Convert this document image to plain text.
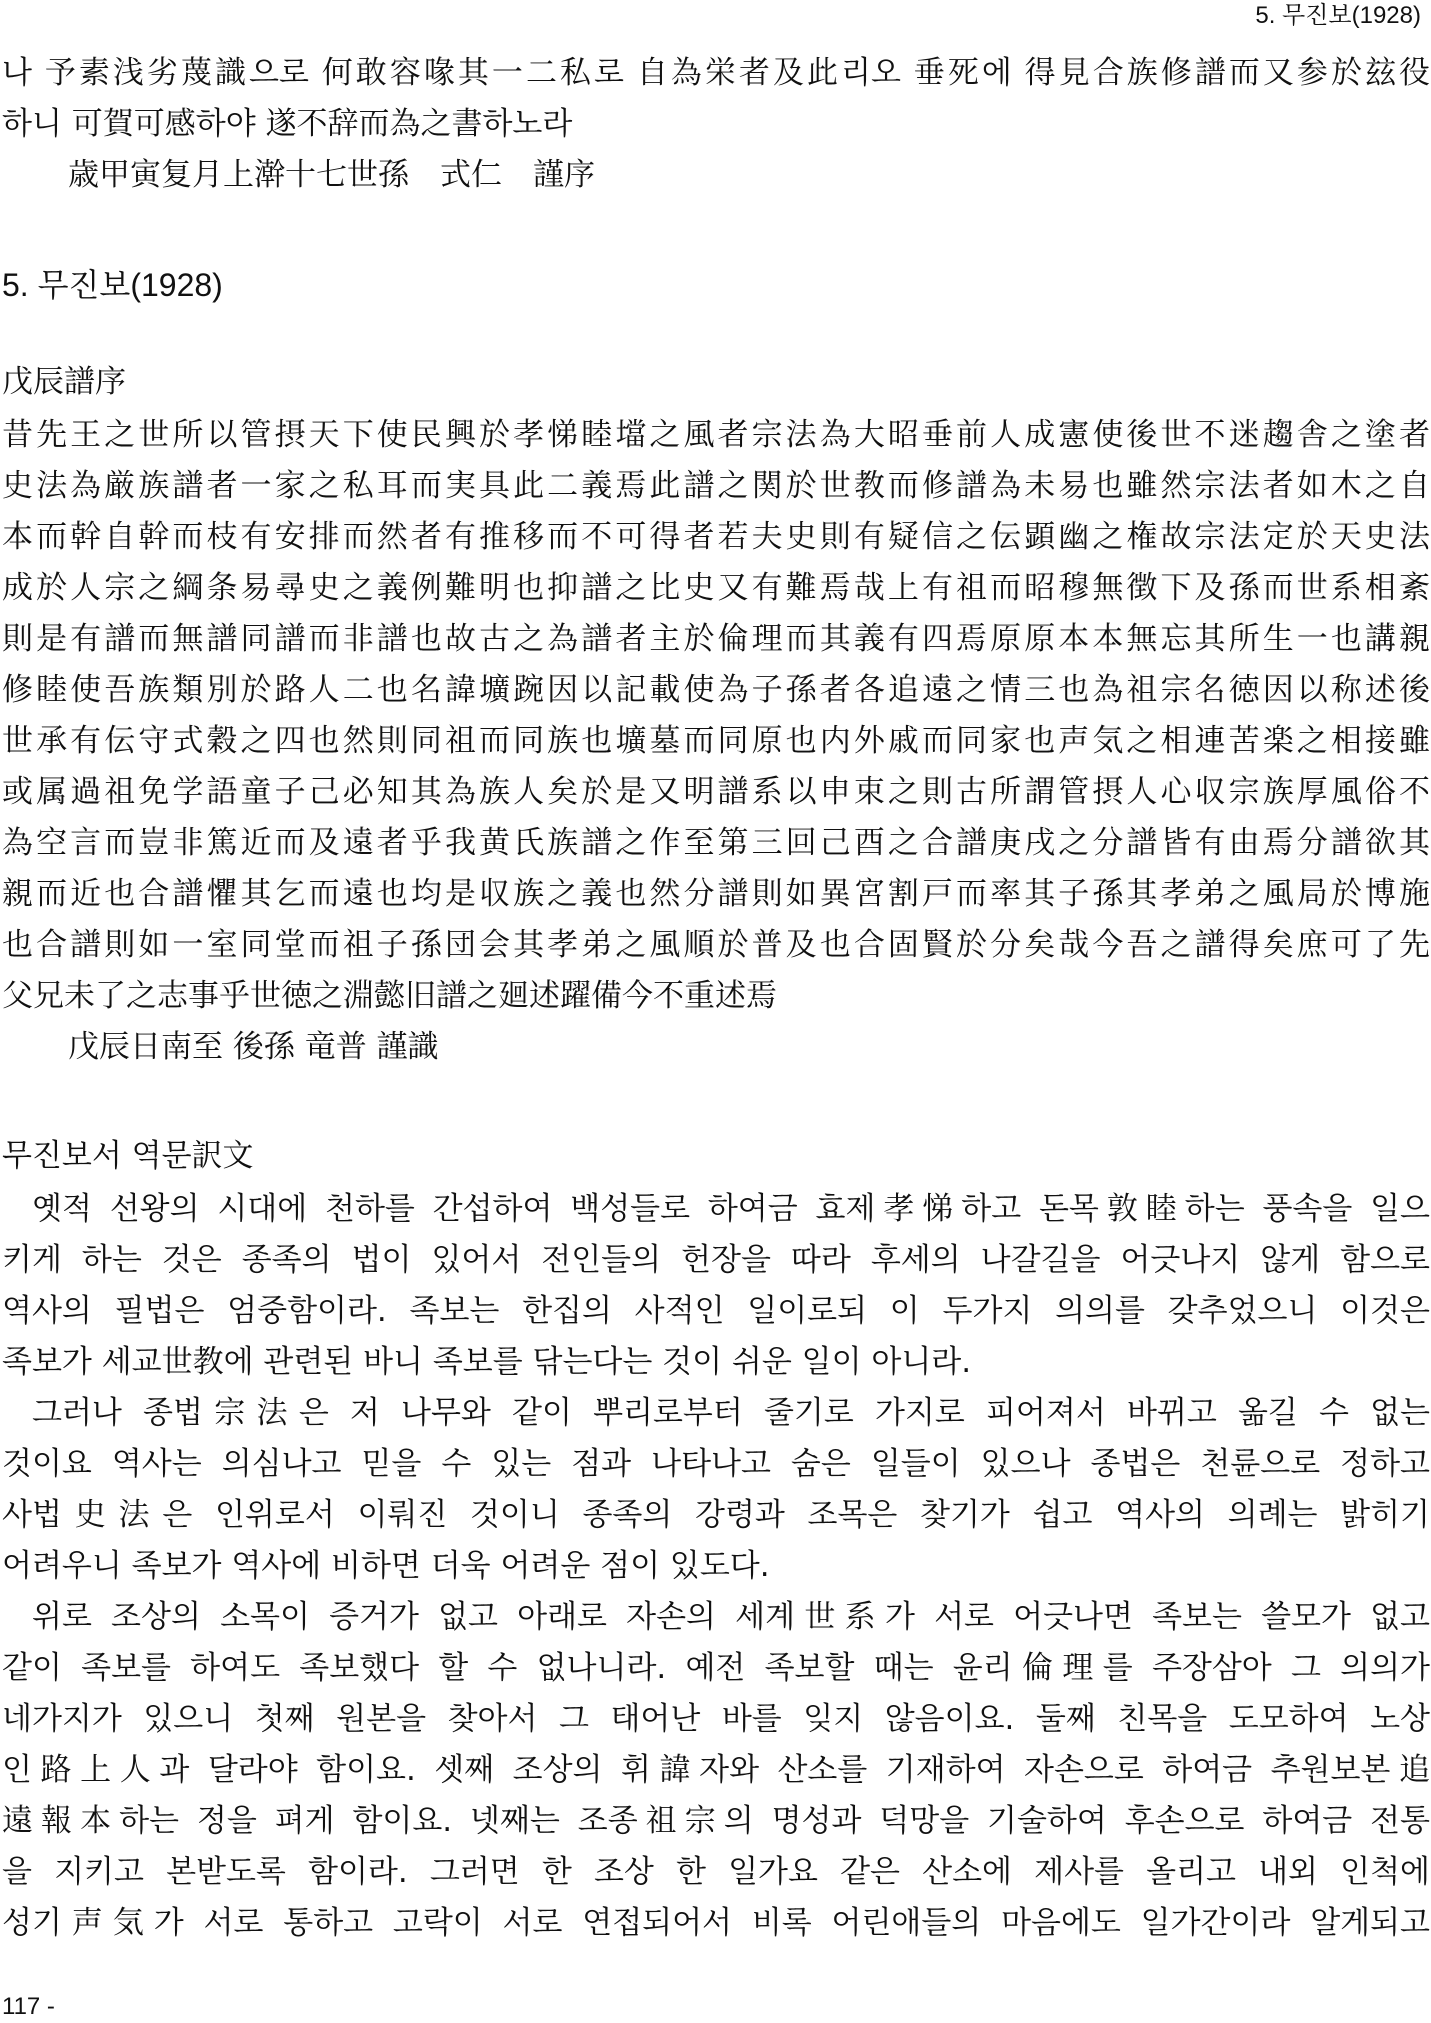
5. 무진보(1928)
나 予素浅劣蔑識으로 何敢容喙其一二私로 自為栄者及此리오 垂死에 得見合族修譜而又参於玆役
하니 可賀可感하야 遂不辞而為之書하노라
歳甲寅复月上澣十七世孫　式仁　謹序
5. 무진보(1928)
戊辰譜序
昔先王之世所以管摂天下使民興於孝悌睦壋之風者宗法為大昭垂前人成憲使後世不迷趨舎之塗者
史法為厳族譜者一家之私耳而実具此二義焉此譜之関於世教而修譜為未易也雖然宗法者如木之自
本而幹自幹而枝有安排而然者有推移而不可得者若夫史則有疑信之伝顕幽之権故宗法定於天史法
成於人宗之綱条易尋史之義例難明也抑譜之比史又有難焉哉上有祖而昭穆無徴下及孫而世系相紊
則是有譜而無譜同譜而非譜也故古之為譜者主於倫理而其義有四焉原原本本無忘其所生一也講親
修睦使吾族類別於路人二也名諱壙踠因以記載使為子孫者各追遠之情三也為祖宗名徳因以称述後
世承有伝守式穀之四也然則同祖而同族也壙墓而同原也内外戚而同家也声気之相連苦楽之相接雖
或属過祖免学語童子己必知其為族人矣於是又明譜系以申束之則古所謂管摂人心収宗族厚風俗不
為空言而豈非篤近而及遠者乎我黄氏族譜之作至第三回己酉之合譜庚戌之分譜皆有由焉分譜欲其
親而近也合譜懼其乞而遠也均是収族之義也然分譜則如異宮割戸而率其子孫其孝弟之風局於博施
也合譜則如一室同堂而祖子孫団会其孝弟之風順於普及也合固賢於分矣哉今吾之譜得矣庶可了先
父兄未了之志事乎世徳之淵懿旧譜之廻述躍備今不重述焉
戊辰日南至 後孫 竜普 謹識
무진보서 역문訳文
옛적 선왕의 시대에 천하를 간섭하여 백성들로 하여금 효제孝悌하고 돈목敦睦하는 풍속을 일으
키게 하는 것은 종족의 법이 있어서 전인들의 헌장을 따라 후세의 나갈길을 어긋나지 않게 함으로
역사의 필법은 엄중함이라. 족보는 한집의 사적인 일이로되 이 두가지 의의를 갖추었으니 이것은
족보가 세교世教에 관련된 바니 족보를 닦는다는 것이 쉬운 일이 아니라.
그러나 종법宗法은 저 나무와 같이 뿌리로부터 줄기로 가지로 피어져서 바뀌고 옮길 수 없는
것이요 역사는 의심나고 믿을 수 있는 점과 나타나고 숨은 일들이 있으나 종법은 천륜으로 정하고
사법史法은 인위로서 이뤄진 것이니 종족의 강령과 조목은 찾기가 쉽고 역사의 의례는 밝히기
어려우니 족보가 역사에 비하면 더욱 어려운 점이 있도다.
위로 조상의 소목이 증거가 없고 아래로 자손의 세계世系가 서로 어긋나면 족보는 쓸모가 없고
같이 족보를 하여도 족보했다 할 수 없나니라. 예전 족보할 때는 윤리倫理를 주장삼아 그 의의가
네가지가 있으니 첫째 원본을 찾아서 그 태어난 바를 잊지 않음이요. 둘째 친목을 도모하여 노상
인路上人과 달라야 함이요. 셋째 조상의 휘諱자와 산소를 기재하여 자손으로 하여금 추원보본追
遠報本하는 정을 펴게 함이요. 넷째는 조종祖宗의 명성과 덕망을 기술하여 후손으로 하여금 전통
을 지키고 본받도록 함이라. 그러면 한 조상 한 일가요 같은 산소에 제사를 올리고 내외 인척에
성기声気가 서로 통하고 고락이 서로 연접되어서 비록 어린애들의 마음에도 일가간이라 알게되고
117 -
